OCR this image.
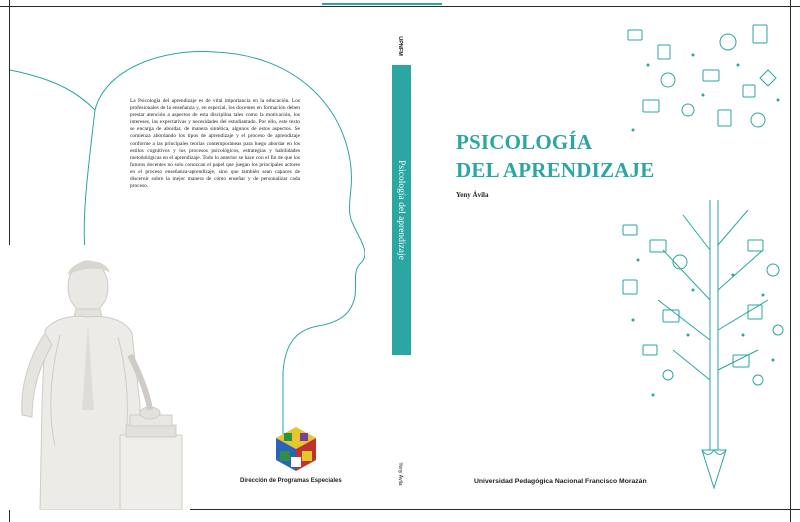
La Psicología del aprendizaje es de vital importancia en la educación. Los profesionales de la enseñanza y, en especial, los docentes en formación deben prestar atención a aspectos de esta disciplina tales como la motivación, los intereses, las expectativas y necesidades del estudiantado. Por ello, este texto se encarga de abordar, de manera sintética, algunos de estos aspectos. Se comienza abordando los tipos de aprendizaje y el proceso de aprendizaje conforme a las principales teorías contemporáneas para luego abordar en los estilos cognitivos y los procesos psicológicos, estrategias y habilidades metodológicas en el aprendizaje. Todo lo anterior se hace con el fin de que los futuros docentes no solo conozcan el papel que juegan los principales actores en el proceso enseñanza-aprendizaje, sino que también sean capaces de discernir sobre la mejor manera de cómo enseñar y de personalizar cada proceso.
Dirección de Programas Especiales
UPNFM
Psicología del aprendizaje
Yeny Ávila
PSICOLOGÍA
DEL APRENDIZAJE
Yeny Ávila
Universidad Pedagógica Nacional Francisco Morazán
